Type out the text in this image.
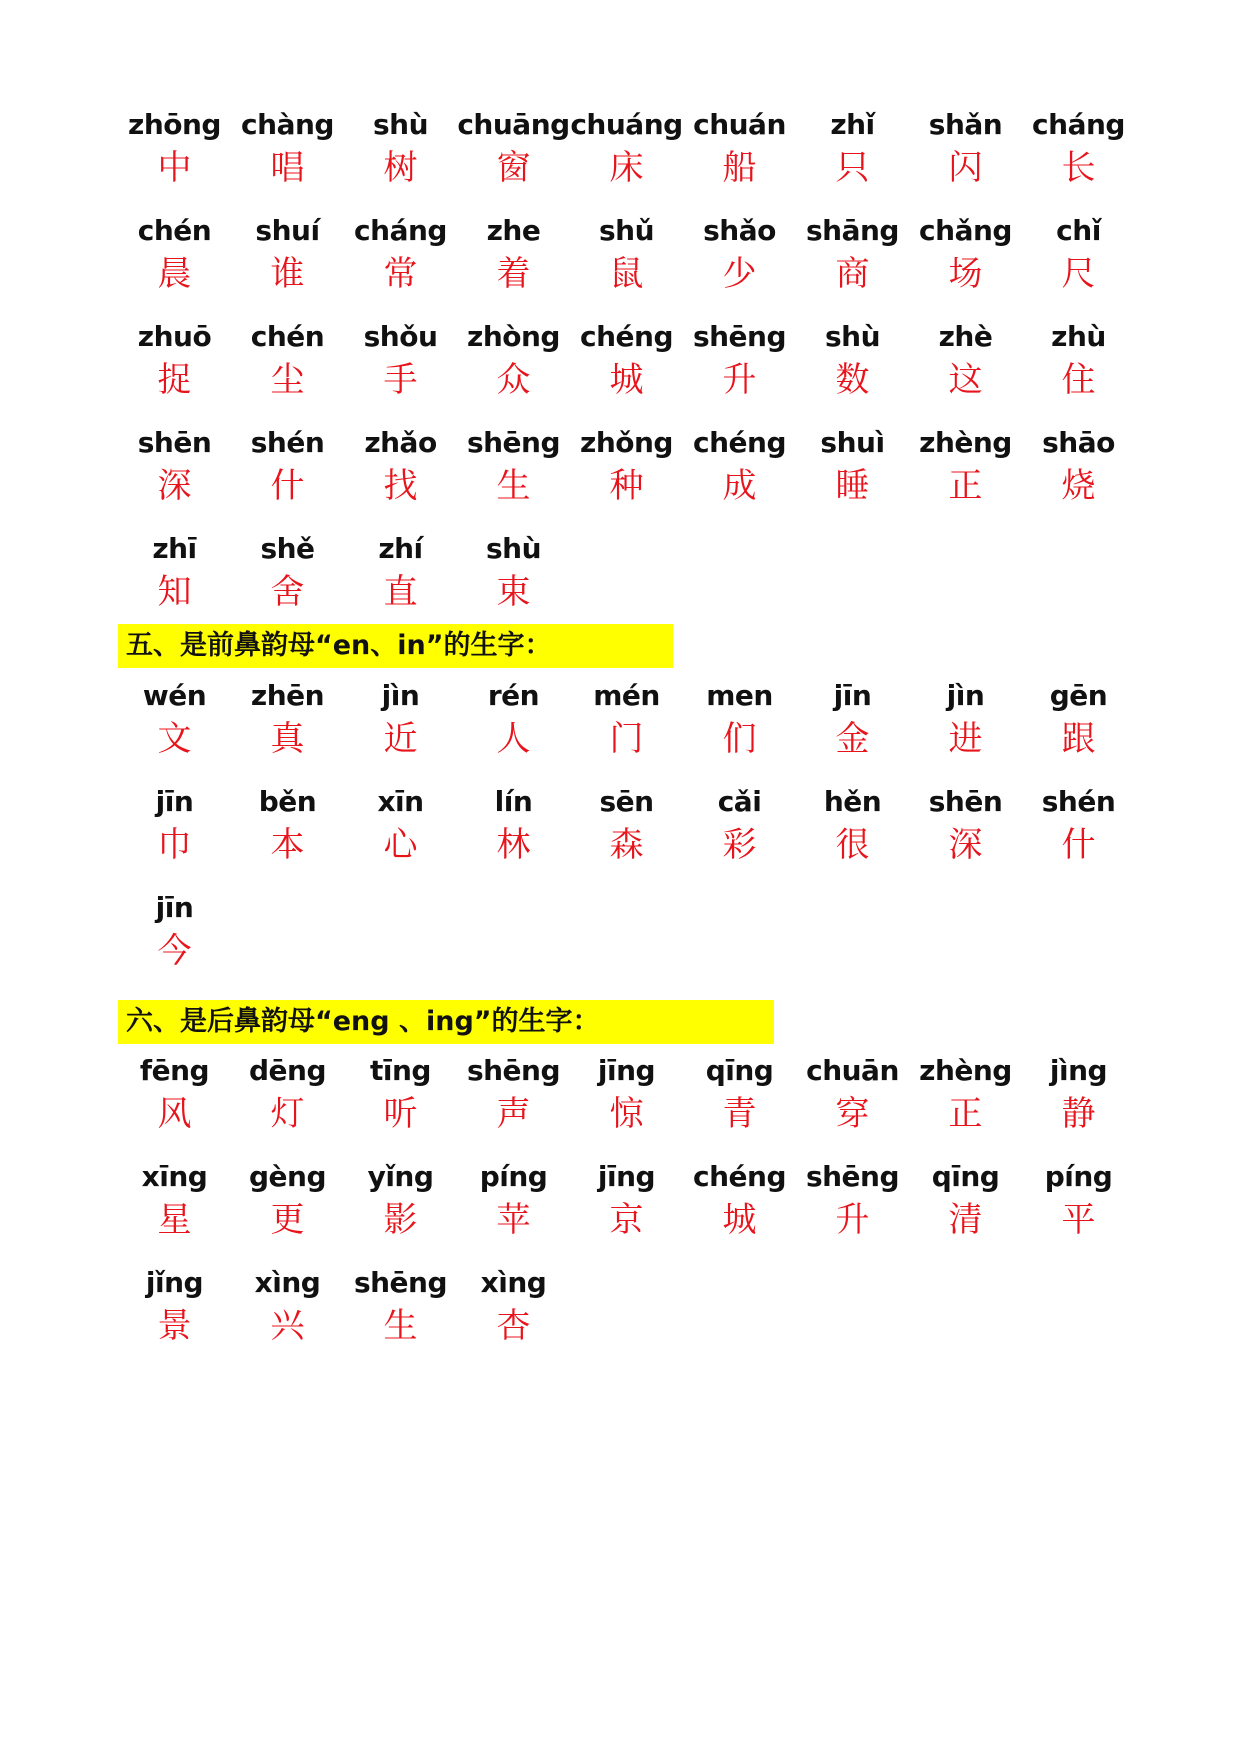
zhōng
中
chàng
唱
shù
树
chuāng
窗
chuáng
床
chuán
船
zhǐ
只
shǎn
闪
cháng
长
chén
晨
shuí
谁
cháng
常
zhe
着
shǔ
鼠
shǎo
少
shāng
商
chǎng
场
chǐ
尺
zhuō
捉
chén
尘
shǒu
手
zhòng
众
chéng
城
shēng
升
shù
数
zhè
这
zhù
住
shēn
深
shén
什
zhǎo
找
shēng
生
zhǒng
种
chéng
成
shuì
睡
zhèng
正
shāo
烧
zhī
知
shě
舍
zhí
直
shù
束
五、是前鼻韵母“en、in”的生字：
wén
文
zhēn
真
jìn
近
rén
人
mén
门
men
们
jīn
金
jìn
进
gēn
跟
jīn
巾
běn
本
xīn
心
lín
林
sēn
森
cǎi
彩
hěn
很
shēn
深
shén
什
jīn
今
六、是后鼻韵母“eng 、ing”的生字：
fēng
风
dēng
灯
tīng
听
shēng
声
jīng
惊
qīng
青
chuān
穿
zhèng
正
jìng
静
xīng
星
gèng
更
yǐng
影
píng
苹
jīng
京
chéng
城
shēng
升
qīng
清
píng
平
jǐng
景
xìng
兴
shēng
生
xìng
杏
